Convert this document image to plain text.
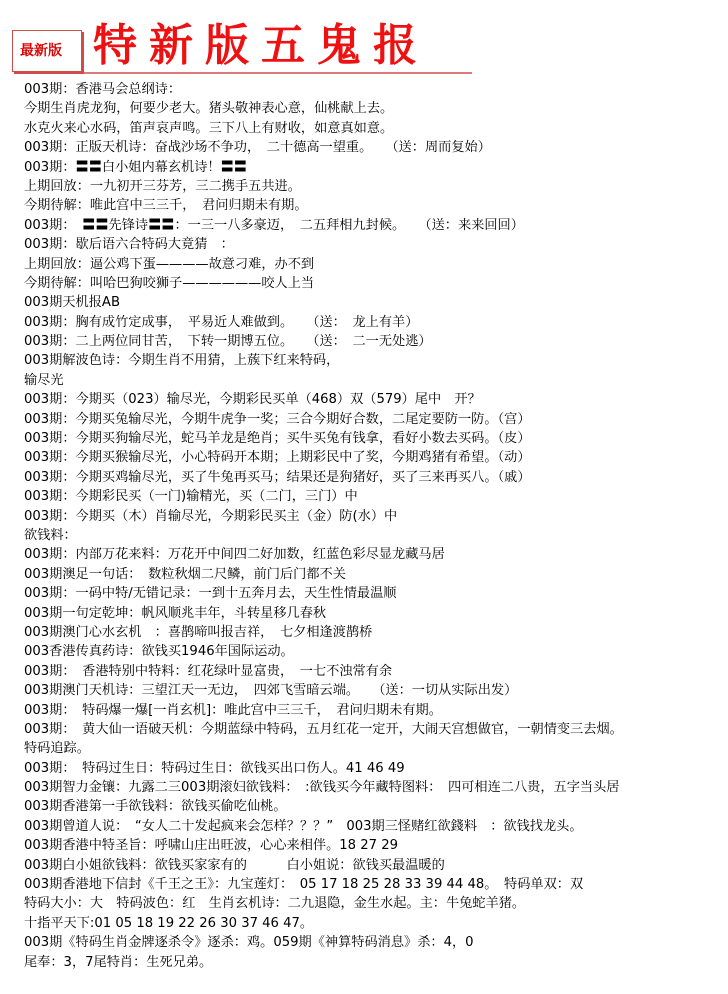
最新版 特新版五鬼报
003期：香港马会总纲诗：
今期生肖虎龙狗，何要少老大。猪头敬神表心意，仙桃献上去。
水克火来心水码，笛声哀声鸣。三下八上有财收，如意真如意。
003期：正版天机诗：奋战沙场不争功，　二十德高一望重。　　（送：周而复始）
003期：〓〓白小姐内幕玄机诗！〓〓
上期回放：一九初开三芬芳，三二携手五共进。
今期待解：唯此宫中三三千，　君问归期未有期。
003期：　〓〓先锋诗〓〓：一三一八多豪迈，　二五拜相九封候。　　（送：来来回回）
003期：歇后语六合特码大竟猜　：
上期回放：逼公鸡下蛋————故意刁难，办不到
今期待解：叫哈巴狗咬狮子——————咬人上当
003期天机报AB
003期：胸有成竹定成事，　平易近人难做到。　　（送：　龙上有羊）
003期：二上两位同甘苦，　下转一期博五位。　　（送：　二一无处逃）
003期解波色诗：今期生肖不用猜，上蔟下红来特码，
输尽光
003期：今期买（023）输尽光，今期彩民买单（468）双（579）尾中　开？
003期：今期买兔输尽光，今期牛虎争一奖；三合今期好合数，二尾定要防一防。（宫）
003期：今期买狗输尽光，蛇马羊龙是绝肖；买牛买兔有钱拿，看好小数去买码。（皮）
003期：今期买猴输尽光，小心特码开本期；上期彩民中了奖，今期鸡猪有希望。（动）
003期：今期买鸡输尽光，买了牛兔再买马；结果还是狗猪好，买了三来再买八。（戚）
003期：今期彩民买（一门)输精光，买（二门，三门）中
003期：今期买（木）肖输尽光，今期彩民买主（金）防(水）中
欲钱料：
003期：内部万花来料：万花开中间四二好加数，红蓝色彩尽显龙藏马居
003期澳足一句话：　数粒秋烟二尺鳞，前门后门都不关
003期：一码中特/无错记录：一到十五奔月去，天生性情最温顺
003期一句定乾坤：帆风顺兆丰年，斗转星移几春秋
003期澳门心水玄机　：喜鹊啼叫报吉祥，　七夕相逢渡鹊桥
003香港传真药诗：欲钱买1946年国际运动。
003期：　香港特别中特料：红花绿叶显富贵，　一七不浊常有余
003期澳门天机诗：三望江天一无边，　四郊飞雪暗云端。　　（送：一切从实际出发）
003期：　特码爆一爆[一肖玄机]：唯此宫中三三千，　君问归期未有期。
003期：　黄大仙一语破天机：今期蓝绿中特码，五月红花一定开，大闹天宫想做官，一朝情变三去烟。
特码追踪。
003期：　特码过生日：特码过生日：欲钱买出口伤人。41 46 49
003期智力金镶：九露二三003期滚妇欲钱料：　:欲钱买今年藏特图料：　四可相连二八贵，五字当头居
003期香港第一手欲钱料：欲钱买偷吃仙桃。
003期曾道人说：　“女人二十发起疯来会怎样？？？”　003期三怪赌红欲錢料　：欲钱找龙头。
003期香港中特圣旨：呼啸山庄出旺波，心心来相伴。18 27 29
003期白小姐欲钱料：欲钱买家家有的　　　白小姐说：欲钱买最温暖的
003期香港地下信封《千王之王》：九宝莲灯：　05 17 18 25 28 33 39 44 48。　特码单双：双
特码大小：大　特码波色：红　生肖玄机诗：二九退隐，金生水起。主：牛兔蛇羊猪。
十指平天下:01 05 18 19 22 26 30 37 46 47。
003期《特码生肖金牌逐杀令》逐杀：鸡。059期《神算特码消息》杀：4，0
尾奉：3，7尾特肖：生死兄弟。
